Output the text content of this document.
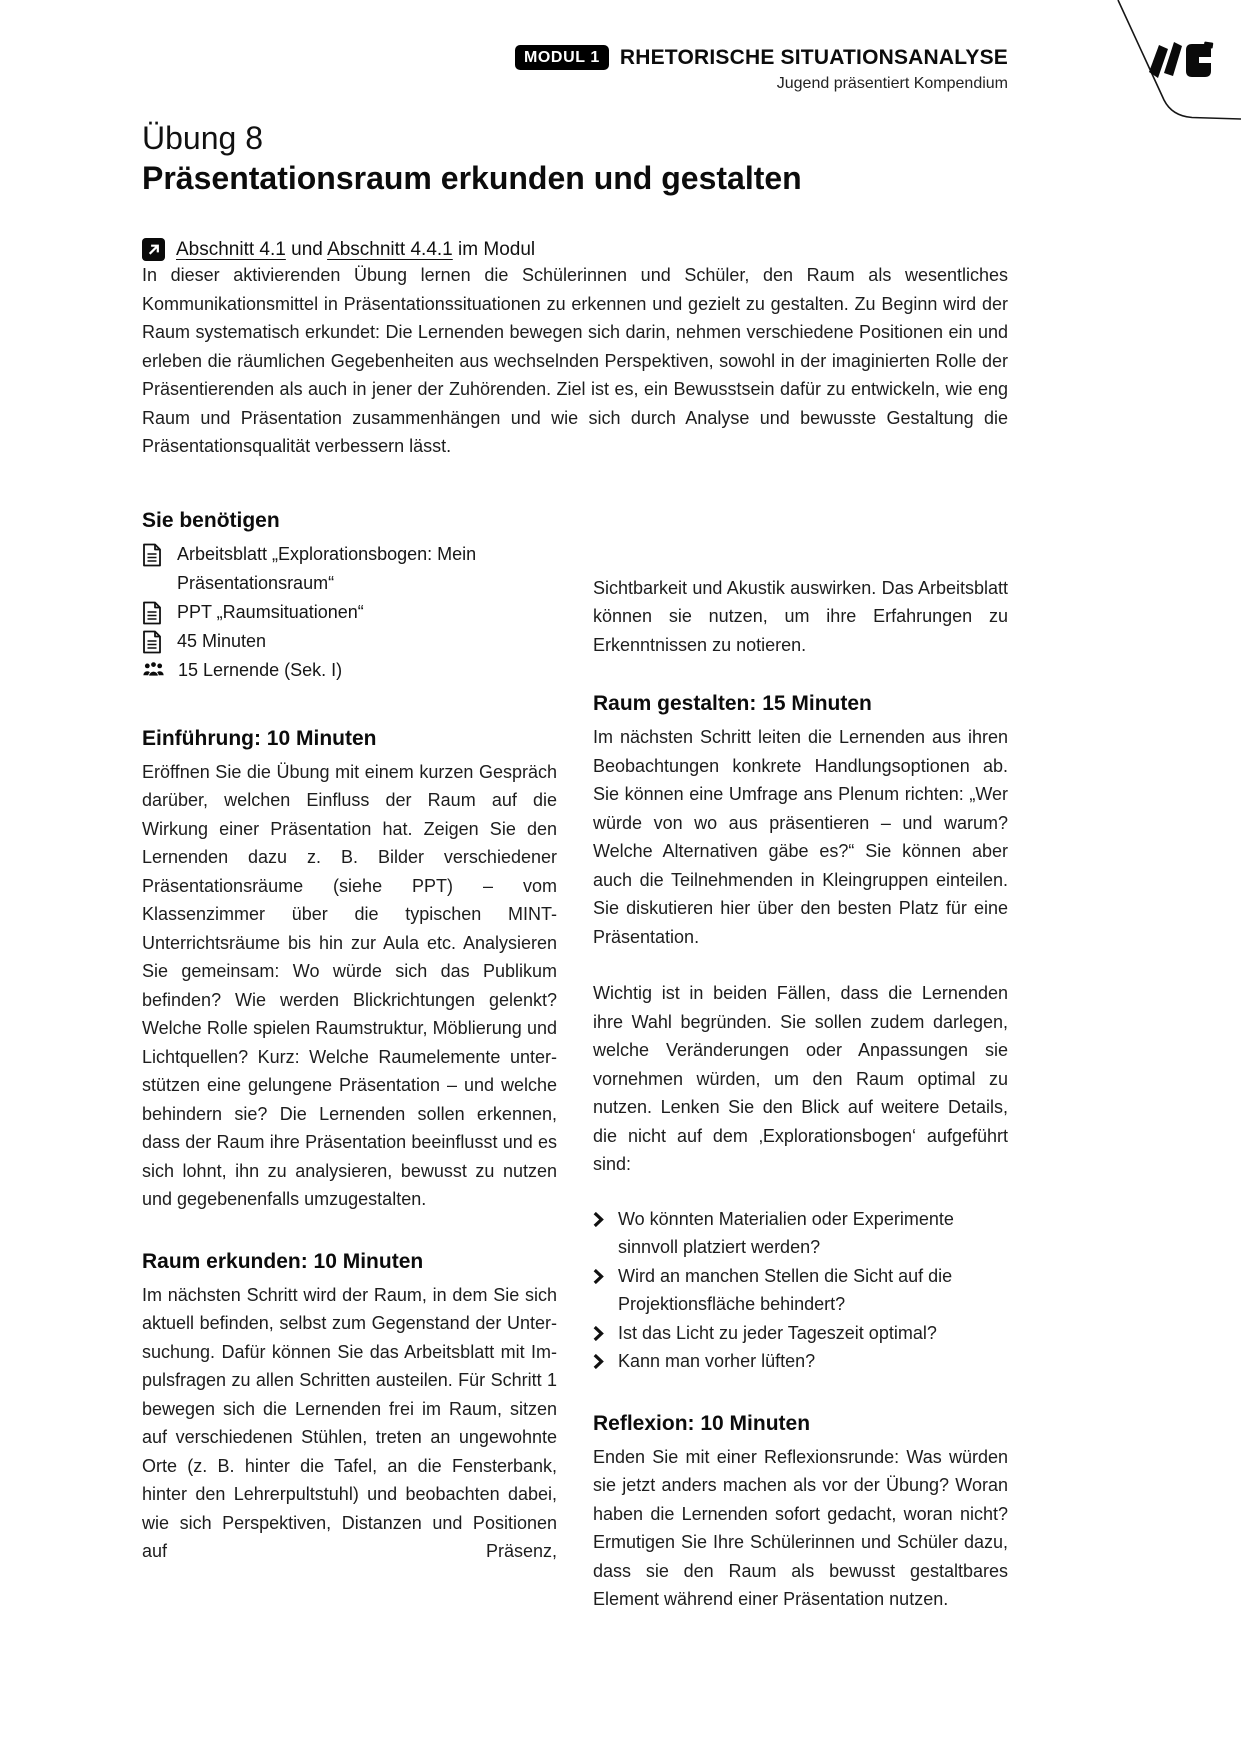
MODUL 1 RHETORISCHE SITUATIONSANALYSE
Jugend präsentiert Kompendium
Übung 8
Präsentationsraum erkunden und gestalten
Abschnitt 4.1 und Abschnitt 4.4.1 im Modul

In dieser aktivierenden Übung lernen die Schülerinnen und Schüler, den Raum als wesentliches Kommunikationsmittel in Präsentationssituationen zu erkennen und gezielt zu gestalten. Zu Beginn wird der Raum systematisch erkundet: Die Lernenden bewegen sich darin, nehmen verschiedene Positionen ein und erleben die räumlichen Gegebenheiten aus wechselnden Perspektiven, sowohl in der imaginierten Rolle der Präsentierenden als auch in jener der Zuhörenden. Ziel ist es, ein Bewusstsein dafür zu entwickeln, wie eng Raum und Präsentation zusammenhängen und wie sich durch Analyse und bewusste Gestaltung die Präsentationsqualität verbessern lässt.

Sie benötigen
Arbeitsblatt „Explorationsbogen: Mein Präsentationsraum“
PPT „Raumsituationen“
45 Minuten
15 Lernende (Sek. I)
Einführung: 10 Minuten

Eröffnen Sie die Übung mit einem kurzen Gespräch darüber, welchen Einfluss der Raum auf die Wirkung einer Präsentation hat. Zeigen Sie den Lernenden dazu z. B. Bilder verschiedener Präsentationsräume (siehe PPT) – vom Klassenzimmer über die typischen MINT-Unterrichtsräume bis hin zur Aula etc. Analysieren Sie gemeinsam: Wo würde sich das Publikum befinden? Wie werden Blickrichtungen gelenkt? Welche Rolle spielen Raumstruktur, Möblierung und Lichtquellen? Kurz: Welche Raumelemente unterstützen eine gelungene Präsentation – und welche behindern sie? Die Lernenden sollen erkennen, dass der Raum ihre Präsentation beeinflusst und es sich lohnt, ihn zu analysieren, bewusst zu nutzen und gegebenenfalls umzugestalten.

Raum erkunden: 10 Minuten

Im nächsten Schritt wird der Raum, in dem Sie sich aktuell befinden, selbst zum Gegenstand der Untersuchung. Dafür können Sie das Arbeitsblatt mit Impulsfragen zu allen Schritten austeilen. Für Schritt 1 bewegen sich die Lernenden frei im Raum, sitzen auf verschiedenen Stühlen, treten an ungewohnte Orte (z. B. hinter die Tafel, an die Fensterbank, hinter den Lehrerpultstuhl) und beobachten dabei, wie sich Perspektiven, Distanzen und Positionen auf Präsenz,

Sichtbarkeit und Akustik auswirken. Das Arbeitsblatt können sie nutzen, um ihre Erfahrungen zu Erkenntnissen zu notieren.

Raum gestalten: 15 Minuten

Im nächsten Schritt leiten die Lernenden aus ihren Beobachtungen konkrete Handlungsoptionen ab. Sie können eine Umfrage ans Plenum richten: „Wer würde von wo aus präsentieren – und warum? Welche Alternativen gäbe es?“ Sie können aber auch die Teilnehmenden in Kleingruppen einteilen. Sie diskutieren hier über den besten Platz für eine Präsentation.

Wichtig ist in beiden Fällen, dass die Lernenden ihre Wahl begründen. Sie sollen zudem darlegen, welche Veränderungen oder Anpassungen sie vornehmen würden, um den Raum optimal zu nutzen. Lenken Sie den Blick auf weitere Details, die nicht auf dem ‚Explorationsbogen‘ aufgeführt sind:

Wo könnten Materialien oder Experimente sinnvoll platziert werden?
Wird an manchen Stellen die Sicht auf die Projektionsfläche behindert?
Ist das Licht zu jeder Tageszeit optimal?
Kann man vorher lüften?
Reflexion: 10 Minuten

Enden Sie mit einer Reflexionsrunde: Was würden sie jetzt anders machen als vor der Übung? Woran haben die Lernenden sofort gedacht, woran nicht? Ermutigen Sie Ihre Schülerinnen und Schüler dazu, dass sie den Raum als bewusst gestaltbares Element während einer Präsentation nutzen.
